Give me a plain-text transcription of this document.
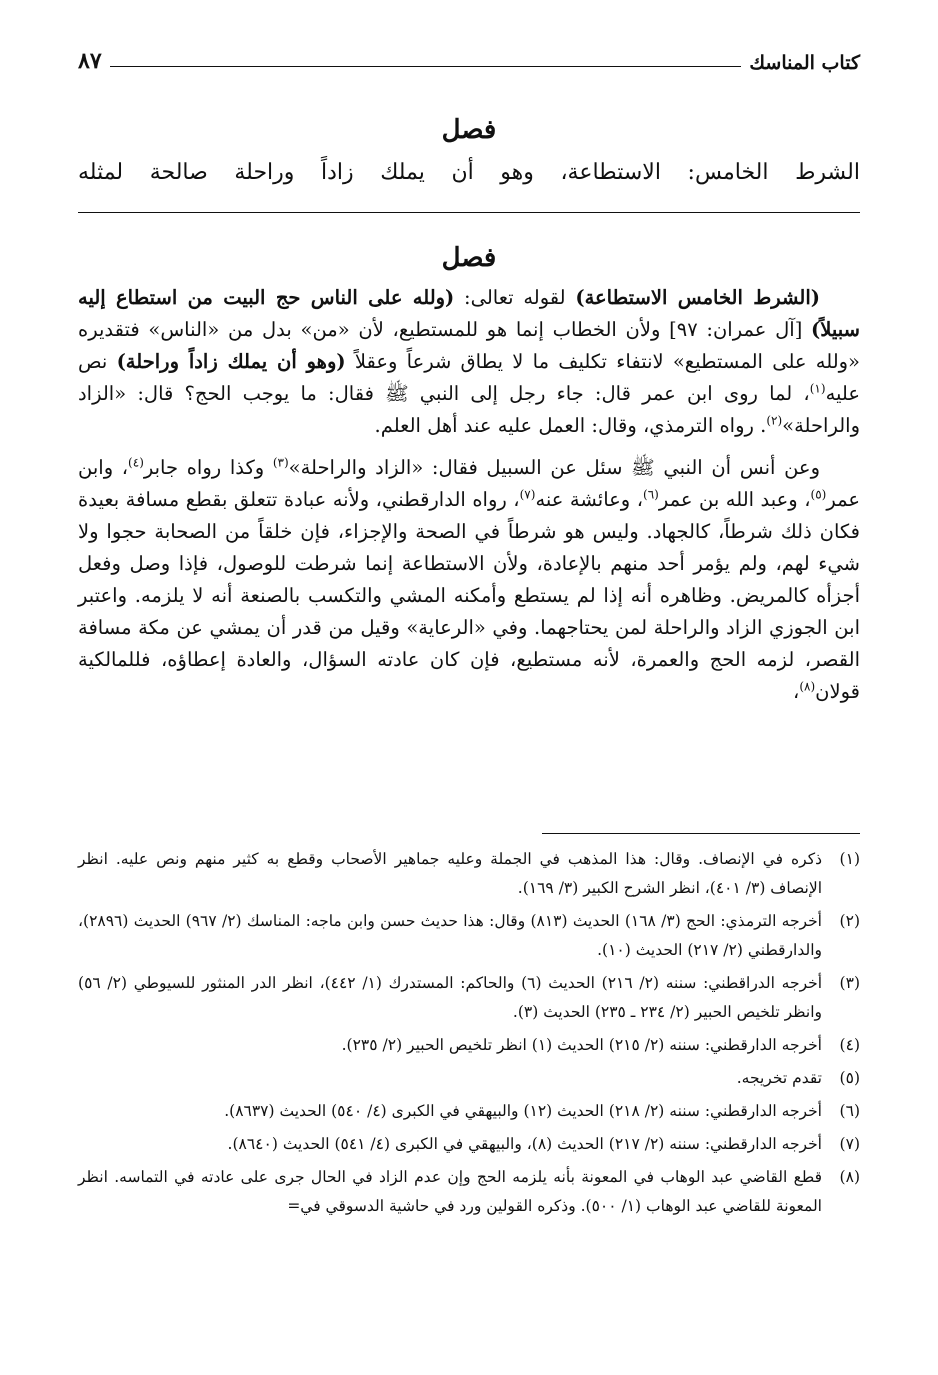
كتاب المناسك
٨٧
فصل
الشرط الخامس: الاستطاعة، وهو أن يملك زاداً وراحلة صالحة لمثله
فصل

(الشرط الخامس الاستطاعة) لقوله تعالى: (ولله على الناس حج البيت من استطاع إليه سبيلاً) [آل عمران: ٩٧] ولأن الخطاب إنما هو للمستطيع، لأن «من» بدل من «الناس» فتقديره «ولله على المستطيع» لانتفاء تكليف ما لا يطاق شرعاً وعقلاً (وهو أن يملك زاداً وراحلة) نص عليه$^{(١)}$، لما روى ابن عمر قال: جاء رجل إلى النبي ﷺ فقال: ما يوجب الحج؟ قال: «الزاد والراحلة»$^{(٢)}$. رواه الترمذي، وقال: العمل عليه عند أهل العلم.

وعن أنس أن النبي ﷺ سئل عن السبيل فقال: «الزاد والراحلة»$^{(٣)}$ وكذا رواه جابر$^{(٤)}$، وابن عمر$^{(٥)}$، وعبد الله بن عمر$^{(٦)}$، وعائشة عنه$^{(٧)}$، رواه الدارقطني، ولأنه عبادة تتعلق بقطع مسافة بعيدة فكان ذلك شرطاً، كالجهاد. وليس هو شرطاً في الصحة والإجزاء، فإن خلقاً من الصحابة حجوا ولا شيء لهم، ولم يؤمر أحد منهم بالإعادة، ولأن الاستطاعة إنما شرطت للوصول، فإذا وصل وفعل أجزأه كالمريض. وظاهره أنه إذا لم يستطع وأمكنه المشي والتكسب بالصنعة أنه لا يلزمه. واعتبر ابن الجوزي الزاد والراحلة لمن يحتاجهما. وفي «الرعاية» وقيل من قدر أن يمشي عن مكة مسافة القصر، لزمه الحج والعمرة، لأنه مستطيع، فإن كان عادته السؤال، والعادة إعطاؤه، فللمالكية قولان$^{(٨)}$،

(١)
ذكره في الإنصاف. وقال: هذا المذهب في الجملة وعليه جماهير الأصحاب وقطع به كثير منهم ونص عليه. انظر الإنصاف (٣/ ٤٠١)، انظر الشرح الكبير (٣/ ١٦٩).
(٢)
أخرجه الترمذي: الحج (٣/ ١٦٨) الحديث (٨١٣) وقال: هذا حديث حسن وابن ماجه: المناسك (٢/ ٩٦٧) الحديث (٢٨٩٦)، والدارقطني (٢/ ٢١٧) الحديث (١٠).
(٣)
أخرجه الدراقطني: سننه (٢/ ٢١٦) الحديث (٦) والحاكم: المستدرك (١/ ٤٤٢)، انظر الدر المنثور للسيوطي (٢/ ٥٦) وانظر تلخيص الحبير (٢/ ٢٣٤ ـ ٢٣٥) الحديث (٣).
(٤)
أخرجه الدارقطني: سننه (٢/ ٢١٥) الحديث (١) انظر تلخيص الحبير (٢/ ٢٣٥).
(٥)
تقدم تخريجه.
(٦)
أخرجه الدارقطني: سننه (٢/ ٢١٨) الحديث (١٢) والبيهقي في الكبرى (٤/ ٥٤٠) الحديث (٨٦٣٧).
(٧)
أخرجه الدارقطني: سننه (٢/ ٢١٧) الحديث (٨)، والبيهقي في الكبرى (٤/ ٥٤١) الحديث (٨٦٤٠).
(٨)
قطع القاضي عبد الوهاب في المعونة بأنه يلزمه الحج وإن عدم الزاد في الحال جرى على عادته في التماسه. انظر المعونة للقاضي عبد الوهاب (١/ ٥٠٠). وذكره القولين ورد في حاشية الدسوقي في=
